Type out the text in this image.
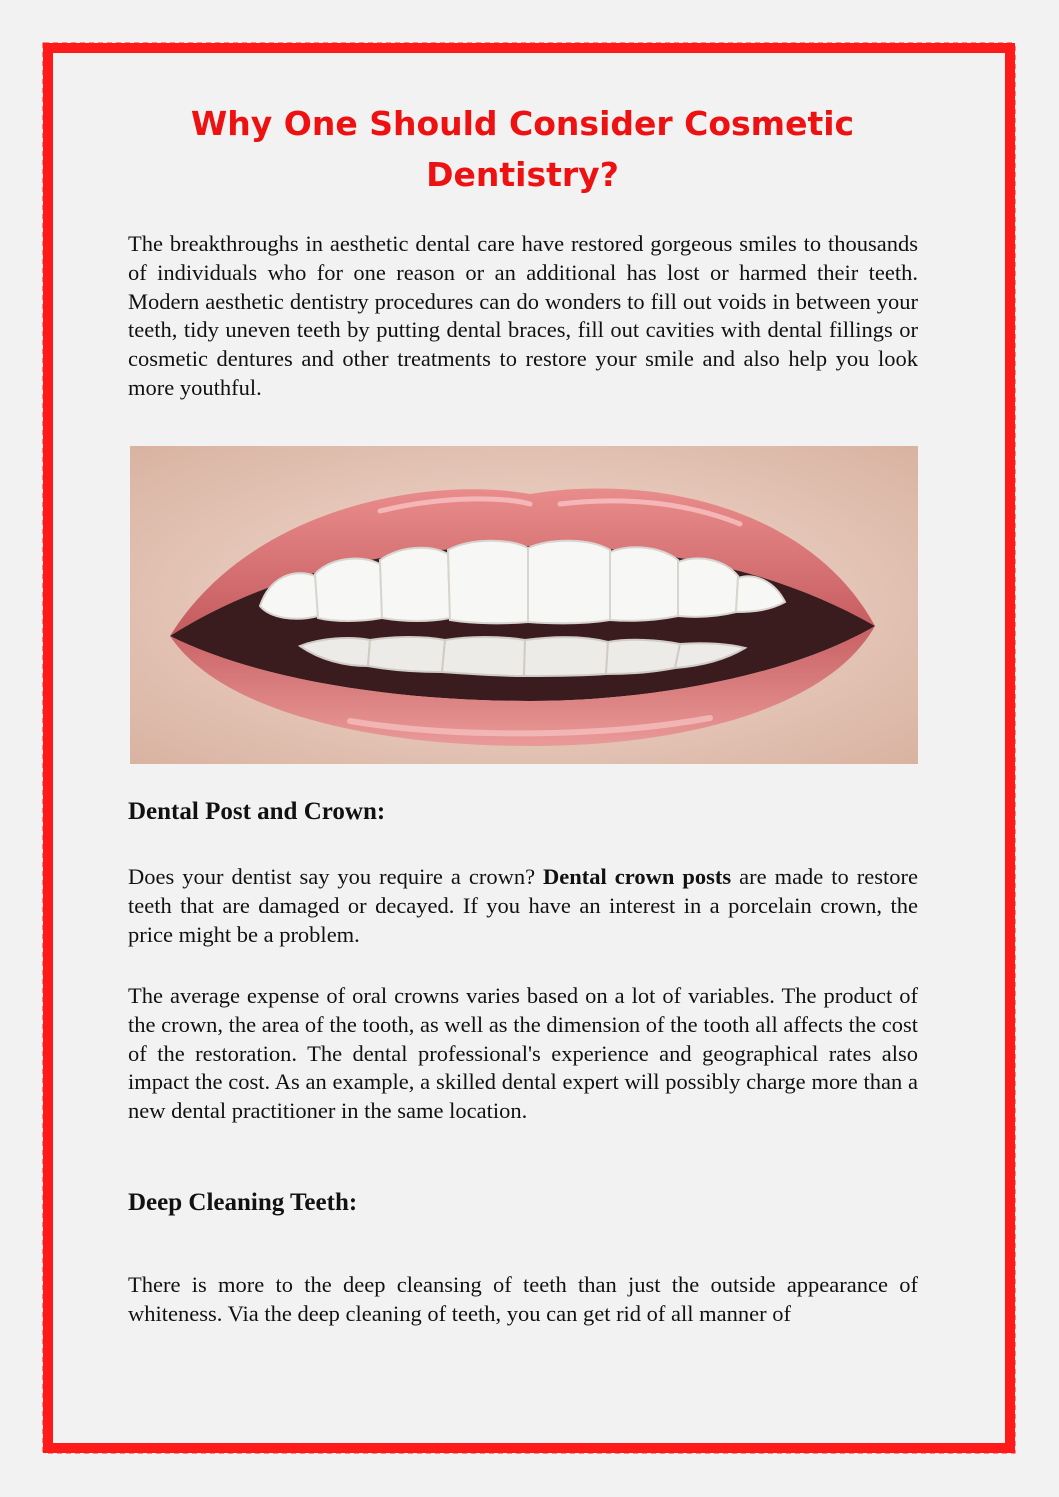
Why One Should Consider Cosmetic Dentistry?

The breakthroughs in aesthetic dental care have restored gorgeous smiles to thousands of individuals who for one reason or an additional has lost or harmed their teeth. Modern aesthetic dentistry procedures can do wonders to fill out voids in between your teeth, tidy uneven teeth by putting dental braces, fill out cavities with dental fillings or cosmetic dentures and other treatments to restore your smile and also help you look more youthful.

Dental Post and Crown:

Does your dentist say you require a crown? Dental crown posts are made to restore teeth that are damaged or decayed. If you have an interest in a porcelain crown, the price might be a problem.

The average expense of oral crowns varies based on a lot of variables. The product of the crown, the area of the tooth, as well as the dimension of the tooth all affects the cost of the restoration. The dental professional's experience and geographical rates also impact the cost. As an example, a skilled dental expert will possibly charge more than a new dental practitioner in the same location.

Deep Cleaning Teeth:

There is more to the deep cleansing of teeth than just the outside appearance of whiteness. Via the deep cleaning of teeth, you can get rid of all manner of
